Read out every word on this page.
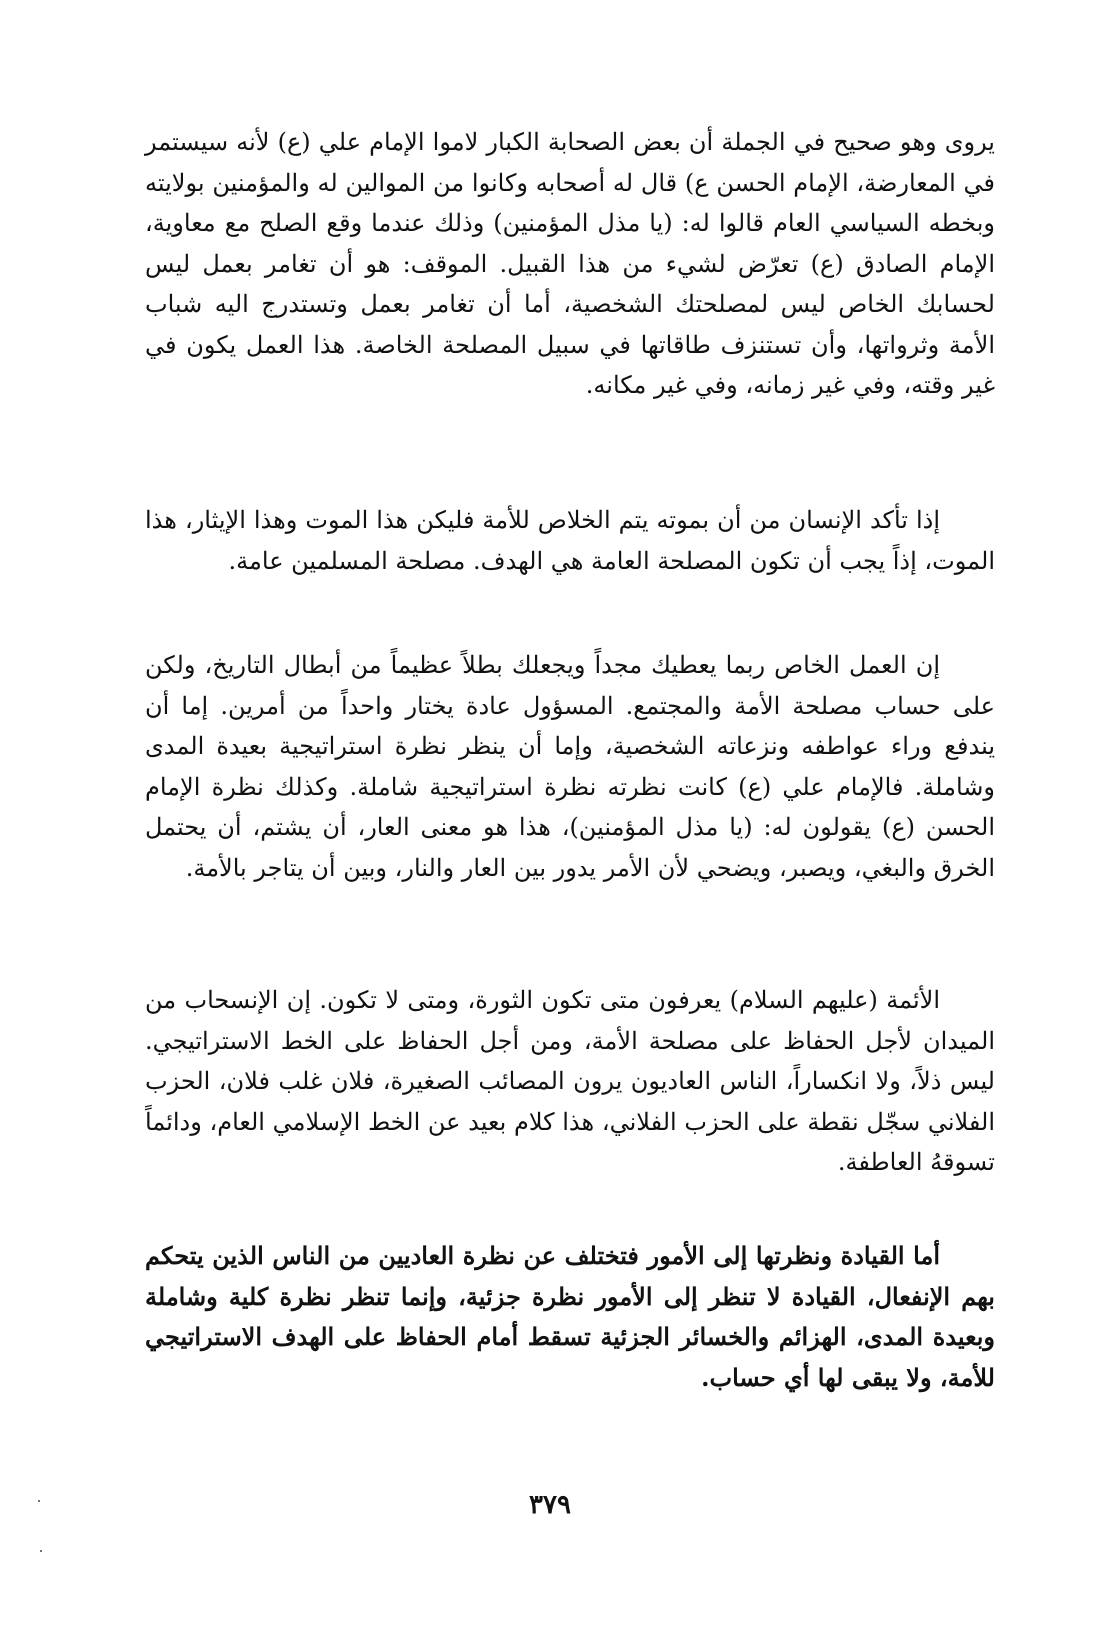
يروى وهو صحيح في الجملة أن بعض الصحابة الكبار لاموا الإمام علي (ع) لأنه سيستمر في المعارضة، الإمام الحسن ع) قال له أصحابه وكانوا من الموالين له والمؤمنين بولايته وبخطه السياسي العام قالوا له: (يا مذل المؤمنين) وذلك عندما وقع الصلح مع معاوية، الإمام الصادق (ع) تعرّض لشيء من هذا القبيل. الموقف: هو أن تغامر بعمل ليس لحسابك الخاص ليس لمصلحتك الشخصية، أما أن تغامر بعمل وتستدرج اليه شباب الأمة وثرواتها، وأن تستنزف طاقاتها في سبيل المصلحة الخاصة. هذا العمل يكون في غير وقته، وفي غير زمانه، وفي غير مكانه.

إذا تأكد الإنسان من أن بموته يتم الخلاص للأمة فليكن هذا الموت وهذا الإيثار، هذا الموت، إذاً يجب أن تكون المصلحة العامة هي الهدف. مصلحة المسلمين عامة.

إن العمل الخاص ربما يعطيك مجداً ويجعلك بطلاً عظيماً من أبطال التاريخ، ولكن على حساب مصلحة الأمة والمجتمع. المسؤول عادة يختار واحداً من أمرين. إما أن يندفع وراء عواطفه ونزعاته الشخصية، وإما أن ينظر نظرة استراتيجية بعيدة المدى وشاملة. فالإمام علي (ع) كانت نظرته نظرة استراتيجية شاملة. وكذلك نظرة الإمام الحسن (ع) يقولون له: (يا مذل المؤمنين)، هذا هو معنى العار، أن يشتم، أن يحتمل الخرق والبغي، ويصبر، ويضحي لأن الأمر يدور بين العار والنار، وبين أن يتاجر بالأمة.

الأئمة (عليهم السلام) يعرفون متى تكون الثورة، ومتى لا تكون. إن الإنسحاب من الميدان لأجل الحفاظ على مصلحة الأمة، ومن أجل الحفاظ على الخط الاستراتيجي. ليس ذلاً، ولا انكساراً، الناس العاديون يرون المصائب الصغيرة، فلان غلب فلان، الحزب الفلاني سجّل نقطة على الحزب الفلاني، هذا كلام بعيد عن الخط الإسلامي العام، ودائماً تسوقهُ العاطفة.

أما القيادة ونظرتها إلى الأمور فتختلف عن نظرة العاديين من الناس الذين يتحكم بهم الإنفعال، القيادة لا تنظر إلى الأمور نظرة جزئية، وإنما تنظر نظرة كلية وشاملة وبعيدة المدى، الهزائم والخسائر الجزئية تسقط أمام الحفاظ على الهدف الاستراتيجي للأمة، ولا يبقى لها أي حساب.

٣٧٩
